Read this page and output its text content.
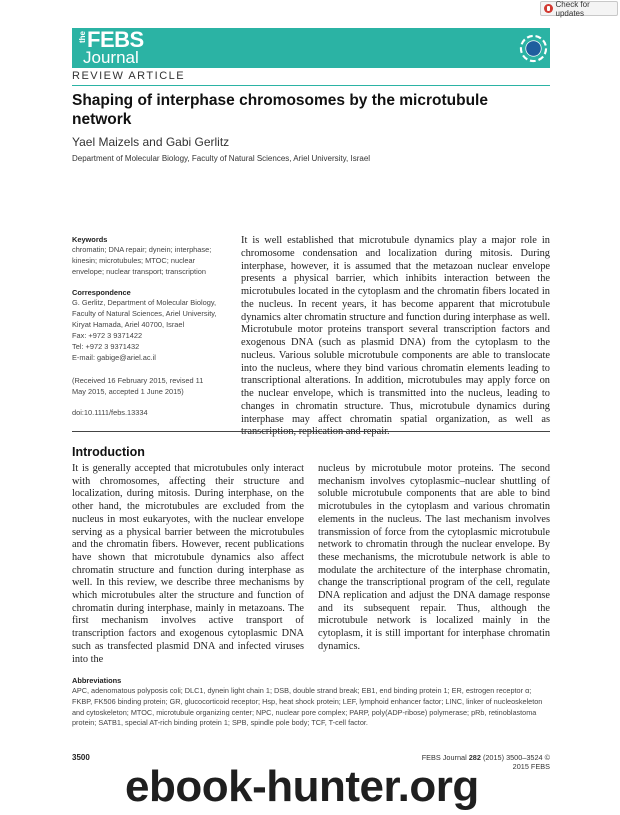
Check for updates
the FEBS
Journal
REVIEW ARTICLE
Shaping of interphase chromosomes by the microtubule network
Yael Maizels and Gabi Gerlitz
Department of Molecular Biology, Faculty of Natural Sciences, Ariel University, Israel
Keywords
chromatin; DNA repair; dynein; interphase;
kinesin; microtubules; MTOC; nuclear
envelope; nuclear transport; transcription
Correspondence
G. Gerlitz, Department of Molecular Biology,
Faculty of Natural Sciences, Ariel University,
Kiryat Hamada, Ariel 40700, Israel
Fax: +972 3 9371422
Tel: +972 3 9371432
E-mail: gabige@ariel.ac.il
(Received 16 February 2015, revised 11
May 2015, accepted 1 June 2015)
doi:10.1111/febs.13334
It is well established that microtubule dynamics play a major role in chromosome condensation and localization during mitosis. During interphase, however, it is assumed that the metazoan nuclear envelope presents a physical barrier, which inhibits interaction between the microtubules located in the cytoplasm and the chromatin fibers located in the nucleus. In recent years, it has become apparent that microtubule dynamics alter chromatin structure and function during interphase as well. Microtubule motor proteins transport several transcription factors and exogenous DNA (such as plasmid DNA) from the cytoplasm to the nucleus. Various soluble microtubule components are able to translocate into the nucleus, where they bind various chromatin elements leading to transcriptional alterations. In addition, microtubules may apply force on the nuclear envelope, which is transmitted into the nucleus, leading to changes in chromatin structure. Thus, microtubule dynamics during interphase may affect chromatin spatial organization, as well as
Introduction
It is generally accepted that microtubules only interact with chromosomes, affecting their structure and localization, during mitosis. During interphase, on the other hand, the microtubules are excluded from the nucleus in most eukaryotes, with the nuclear envelope serving as a physical barrier between the microtubules and the chromatin fibers. However, recent publications have shown that microtubule dynamics also affect chromatin structure and function during interphase as well. In this review, we describe three mechanisms by which microtubules alter the structure and function of chromatin during interphase, mainly in metazoans. The first mechanism involves active transport of transcription factors and exogenous cytoplasmic DNA such as transfected plasmid DNA and infected viruses into the
nucleus by microtubule motor proteins. The second mechanism involves cytoplasmic–nuclear shuttling of soluble microtubule components that are able to bind microtubules in the cytoplasm and various chromatin elements in the nucleus. The last mechanism involves transmission of force from the cytoplasmic microtubule network to chromatin through the nuclear envelope. By these mechanisms, the microtubule network is able to modulate the architecture of the interphase chromatin, change the transcriptional program of the cell, regulate DNA replication and adjust the DNA damage response and its subsequent repair. Thus, although the microtubule network is localized mainly in the cytoplasm, it is still important for interphase chromatin dynamics.
Abbreviations
APC, adenomatous polyposis coli; DLC1, dynein light chain 1; DSB, double strand break; EB1, end binding protein 1; ER, estrogen receptor α; FKBP, FK506 binding protein; GR, glucocorticoid receptor; Hsp, heat shock protein; LEF, lymphoid enhancer factor; LINC, linker of nucleoskeleton and cytoskeleton; MTOC, microtubule organizing center; NPC, nuclear pore complex; PARP, poly(ADP-ribose) polymerase; pRb, retinoblastoma protein; SATB1, special AT-rich binding protein 1; SPB, spindle pole body; TCF, T-cell factor.
3500	FEBS Journal 282 (2015) 3500–3524 © 2015 FEBS
ebook-hunter.org
